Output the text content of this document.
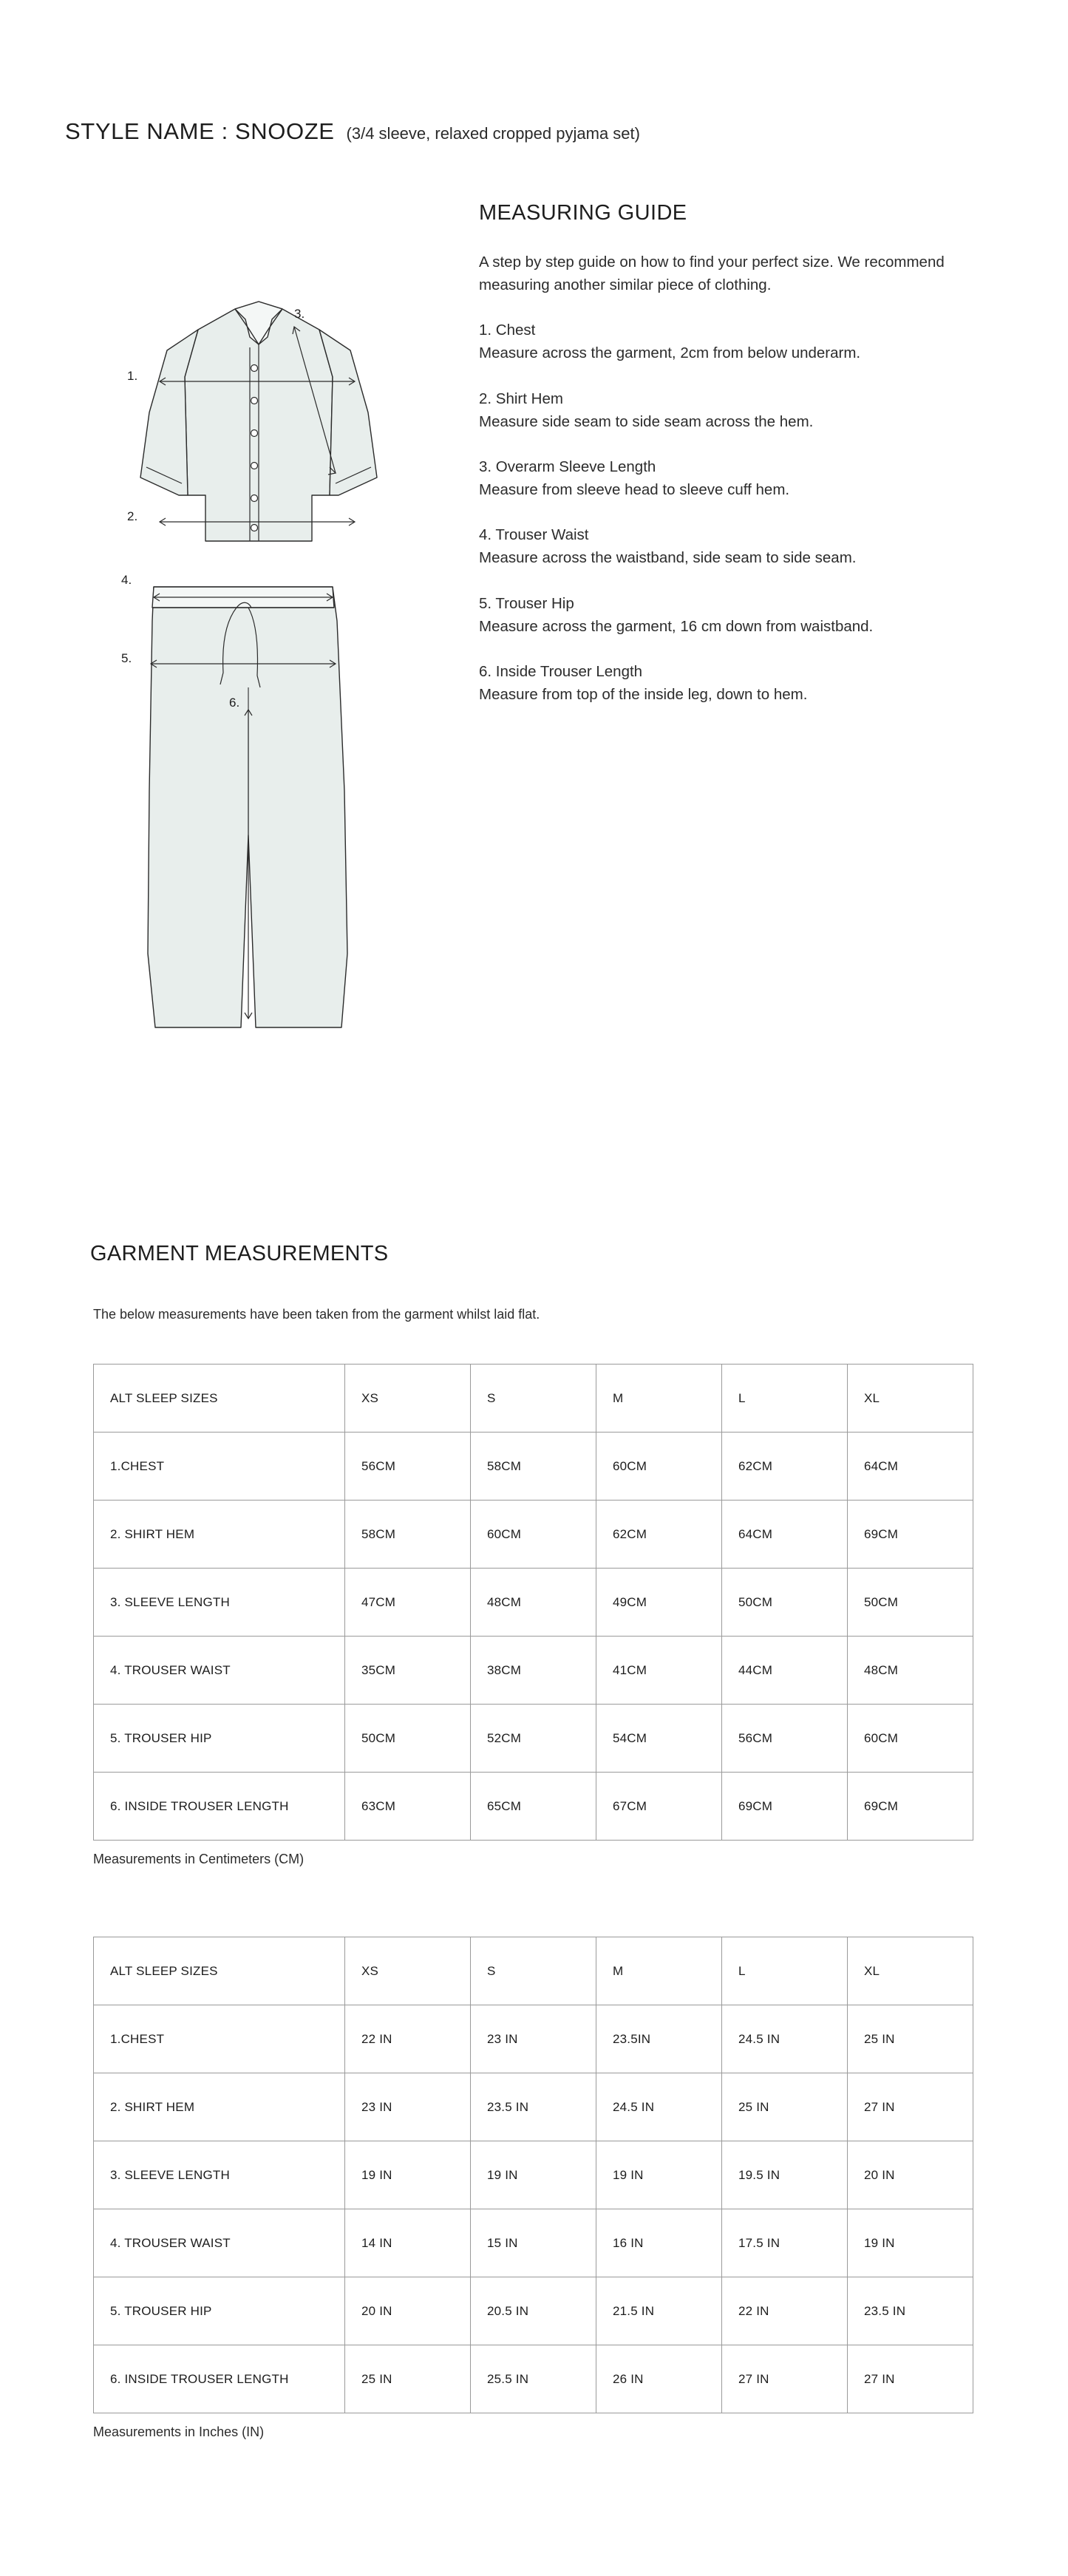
STYLE NAME : SNOOZE (3/4 sleeve, relaxed cropped pyjama set)
1.
2.
3.
4.
5.
6.
MEASURING GUIDE

A step by step guide on how to find your perfect size. We recommend measuring another similar piece of clothing.

1. Chest
Measure across the garment, 2cm from below underarm.

2. Shirt Hem
Measure side seam to side seam across the hem.

3. Overarm Sleeve Length
Measure from sleeve head to sleeve cuff hem.

4. Trouser Waist
Measure across the waistband, side seam to side seam.

5. Trouser Hip
Measure across the garment, 16 cm down from waistband.

6. Inside Trouser Length
Measure from top of the inside leg, down to hem.

GARMENT MEASUREMENTS
The below measurements have been taken from the garment whilst laid flat.
ALT SLEEP SIZES	XS	S	M	L	XL
1.CHEST	56CM	58CM	60CM	62CM	64CM
2. SHIRT HEM	58CM	60CM	62CM	64CM	69CM
3. SLEEVE LENGTH	47CM	48CM	49CM	50CM	50CM
4. TROUSER WAIST	35CM	38CM	41CM	44CM	48CM
5. TROUSER HIP	50CM	52CM	54CM	56CM	60CM
6. INSIDE TROUSER LENGTH	63CM	65CM	67CM	69CM	69CM
Measurements in Centimeters (CM)
ALT SLEEP SIZES	XS	S	M	L	XL
1.CHEST	22 IN	23 IN	23.5IN	24.5 IN	25 IN
2. SHIRT HEM	23 IN	23.5 IN	24.5 IN	25 IN	27 IN
3. SLEEVE LENGTH	19 IN	19 IN	19 IN	19.5 IN	20 IN
4. TROUSER WAIST	14 IN	15 IN	16 IN	17.5 IN	19 IN
5. TROUSER HIP	20 IN	20.5 IN	21.5 IN	22 IN	23.5 IN
6. INSIDE TROUSER LENGTH	25 IN	25.5 IN	26 IN	27 IN	27 IN
Measurements in Inches (IN)
